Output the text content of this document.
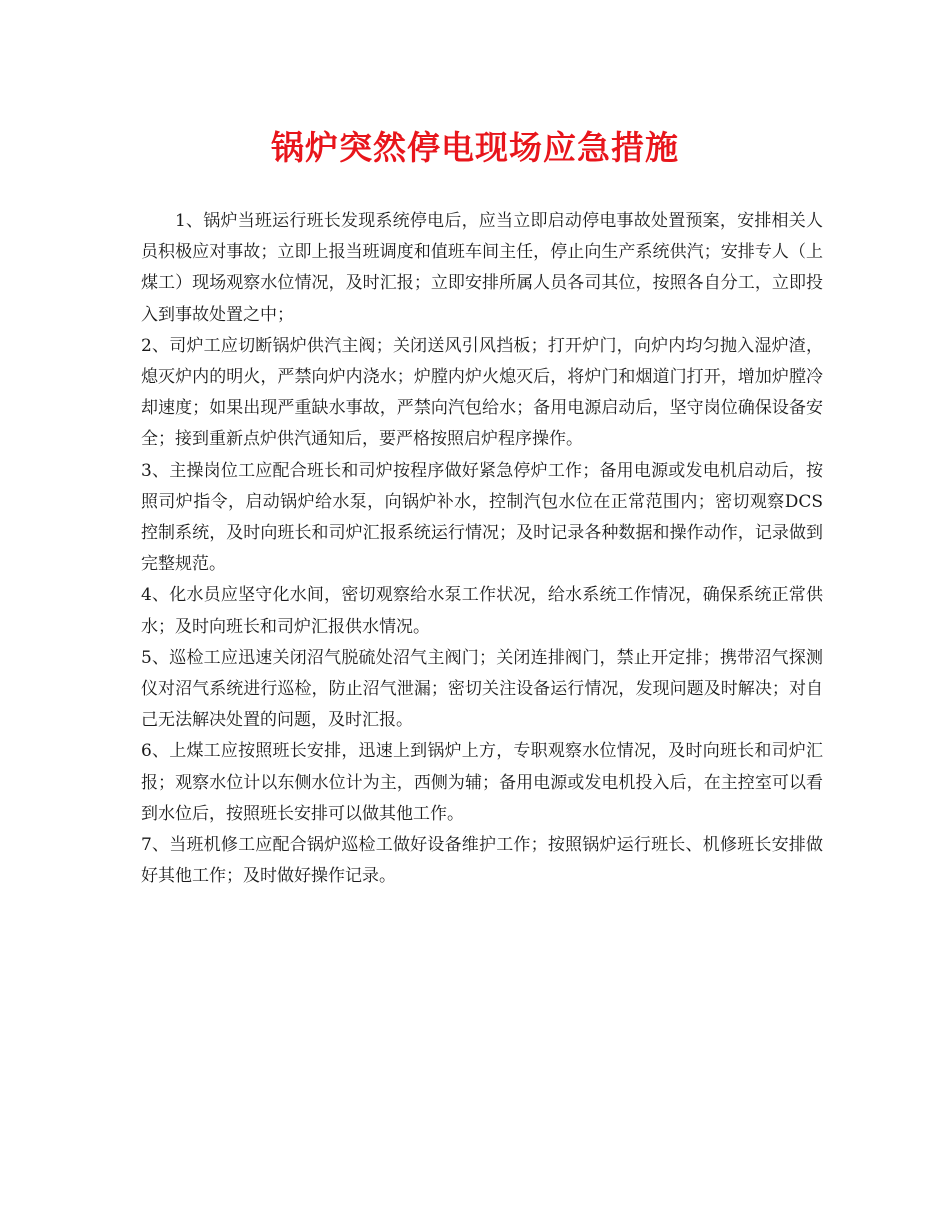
锅炉突然停电现场应急措施

1、锅炉当班运行班长发现系统停电后，应当立即启动停电事故处置预案，安排相关人员积极应对事故；立即上报当班调度和值班车间主任，停止向生产系统供汽；安排专人（上煤工）现场观察水位情况，及时汇报；立即安排所属人员各司其位，按照各自分工，立即投入到事故处置之中；

2、司炉工应切断锅炉供汽主阀；关闭送风引风挡板；打开炉门，向炉内均匀抛入湿炉渣，熄灭炉内的明火，严禁向炉内浇水；炉膛内炉火熄灭后，将炉门和烟道门打开，增加炉膛冷却速度；如果出现严重缺水事故，严禁向汽包给水；备用电源启动后，坚守岗位确保设备安全；接到重新点炉供汽通知后，要严格按照启炉程序操作。

3、主操岗位工应配合班长和司炉按程序做好紧急停炉工作；备用电源或发电机启动后，按照司炉指令，启动锅炉给水泵，向锅炉补水，控制汽包水位在正常范围内；密切观察DCS控制系统，及时向班长和司炉汇报系统运行情况；及时记录各种数据和操作动作，记录做到完整规范。

4、化水员应坚守化水间，密切观察给水泵工作状况，给水系统工作情况，确保系统正常供水；及时向班长和司炉汇报供水情况。

5、巡检工应迅速关闭沼气脱硫处沼气主阀门；关闭连排阀门，禁止开定排；携带沼气探测仪对沼气系统进行巡检，防止沼气泄漏；密切关注设备运行情况，发现问题及时解决；对自己无法解决处置的问题，及时汇报。

6、上煤工应按照班长安排，迅速上到锅炉上方，专职观察水位情况，及时向班长和司炉汇报；观察水位计以东侧水位计为主，西侧为辅；备用电源或发电机投入后，在主控室可以看到水位后，按照班长安排可以做其他工作。

7、当班机修工应配合锅炉巡检工做好设备维护工作；按照锅炉运行班长、机修班长安排做好其他工作；及时做好操作记录。
